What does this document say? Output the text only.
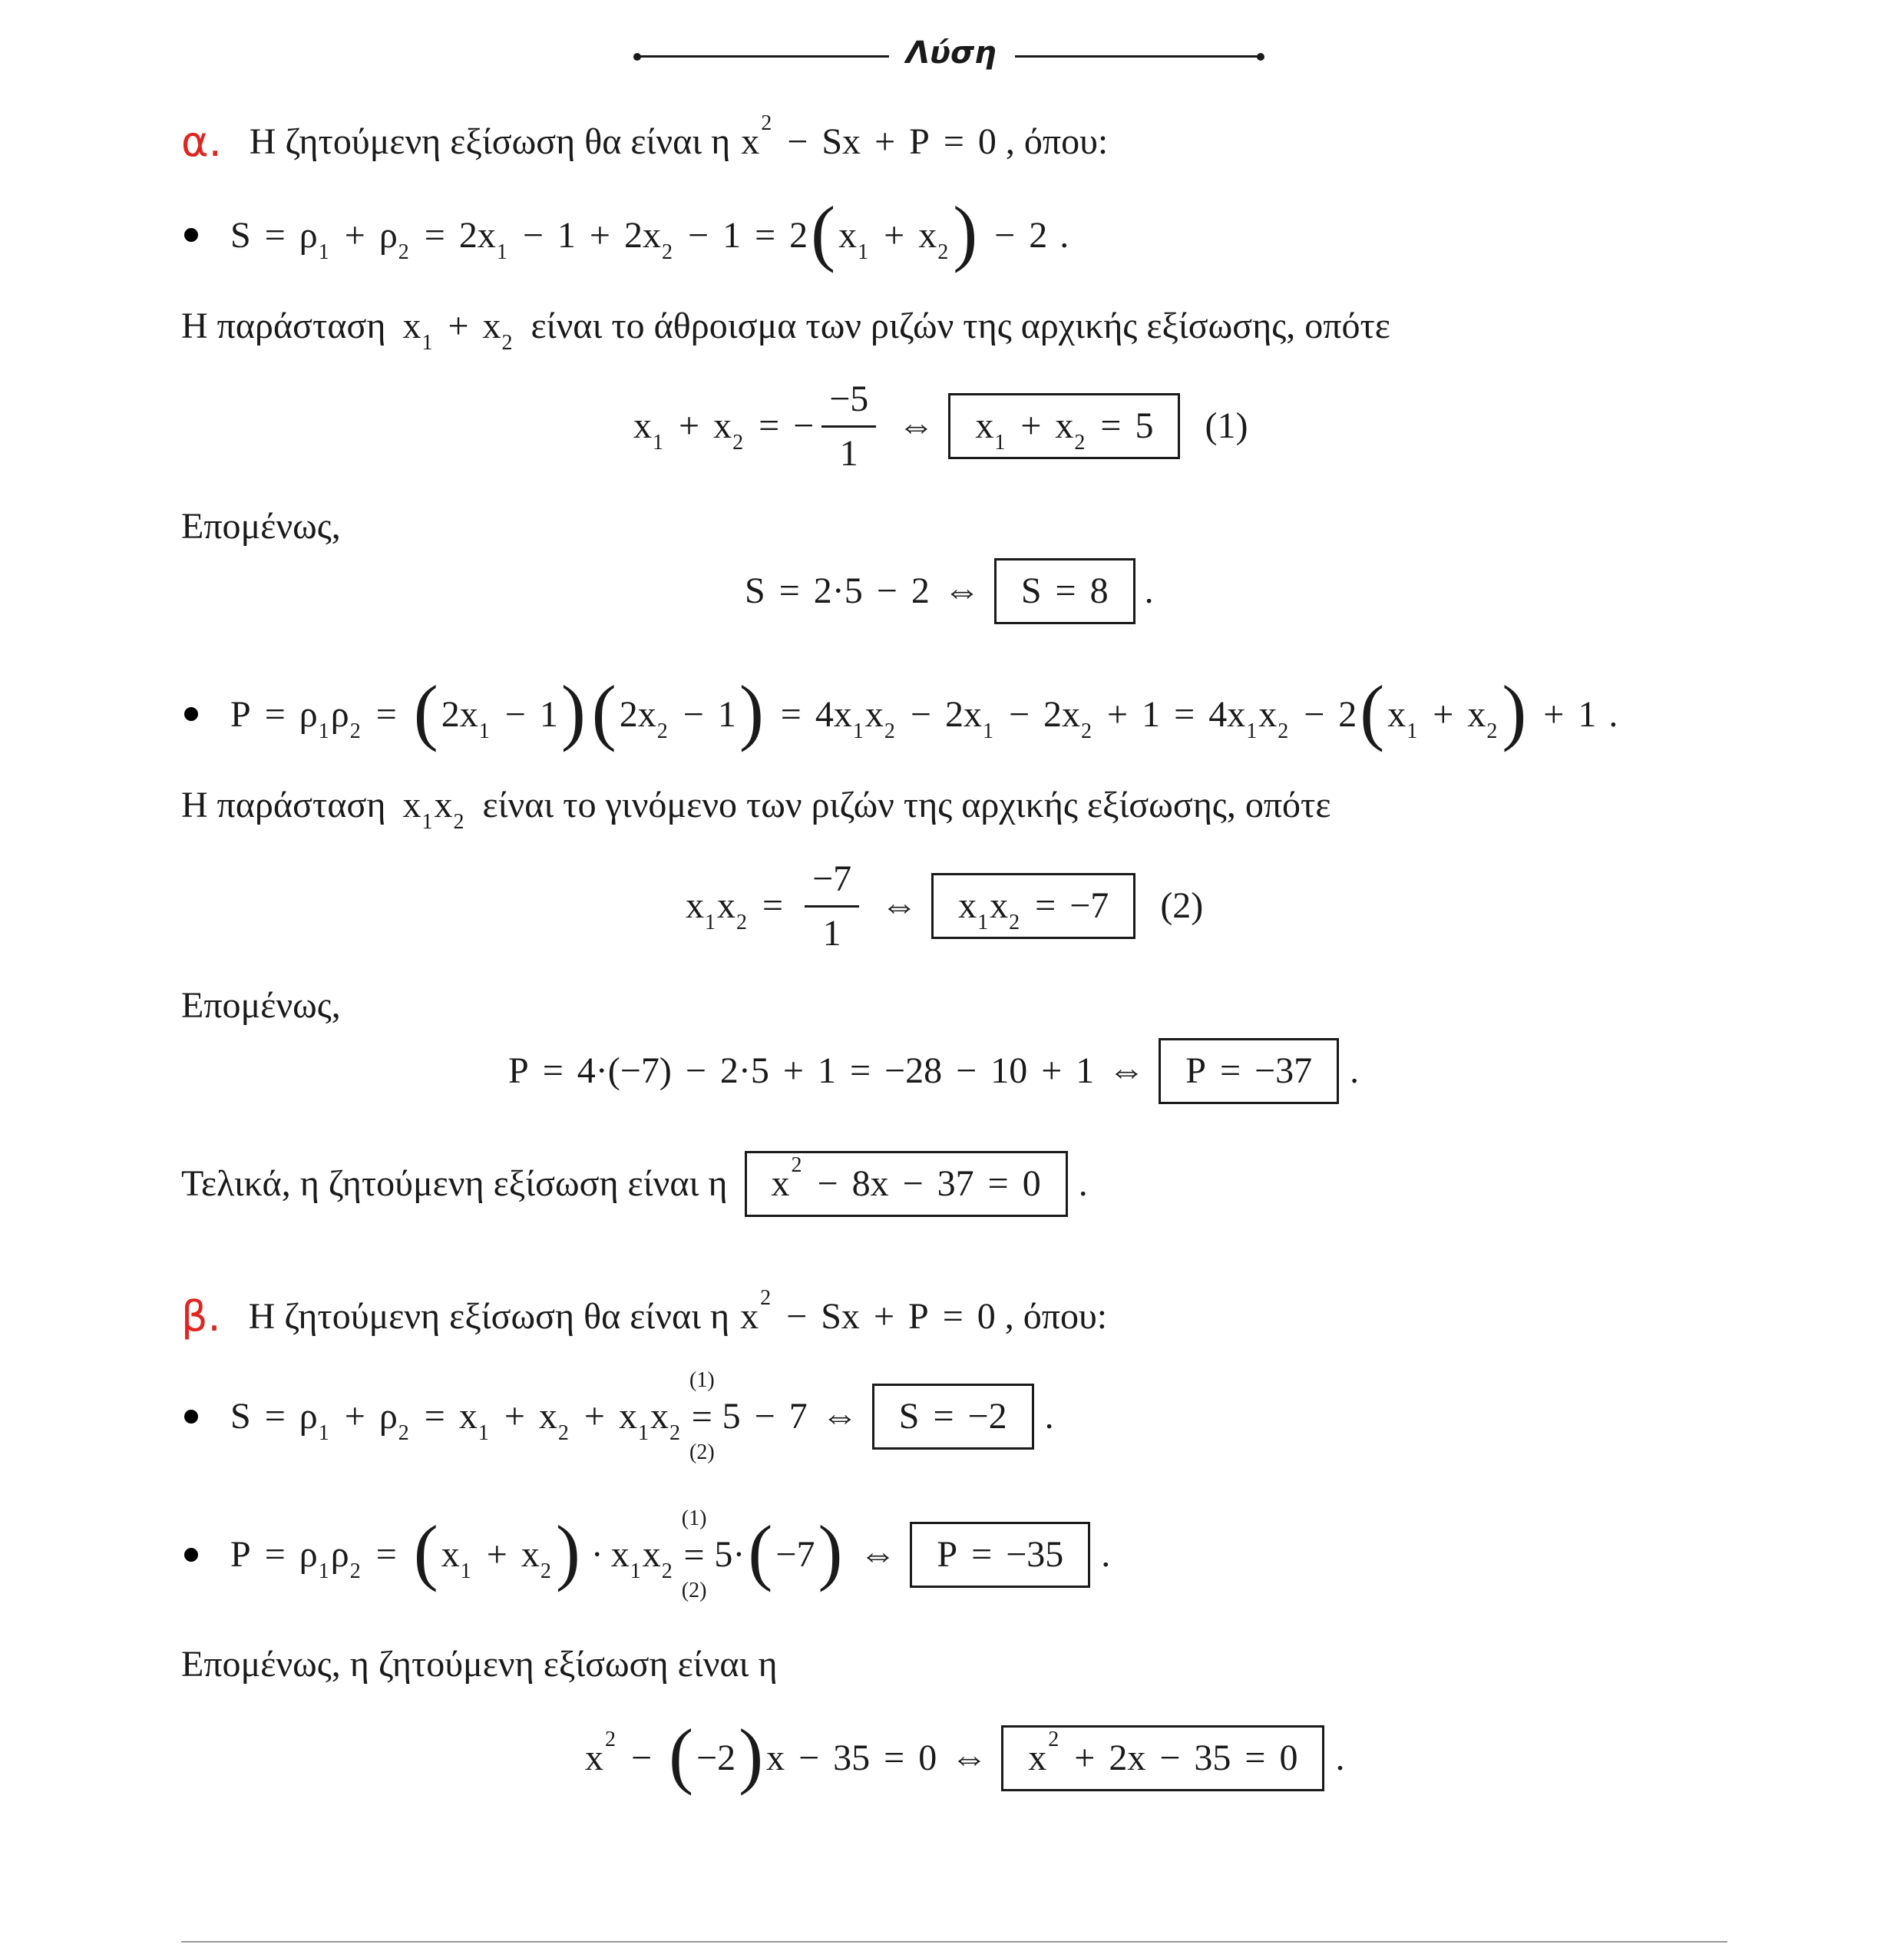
Λύση
α. Η ζητούμενη εξίσωση θα είναι η x 2 − Sx + P = 0 , όπου:
S = ρ 1 + ρ 2 = 2x 1 − 1 + 2x 2 − 1 = 2 ( x 1 + x 2 ) − 2 .
Η παράσταση x 1 + x 2 είναι το άθροισμα των ριζών της αρχικής εξίσωσης, οπότε
x 1 + x 2 = − $\frac{-5}{1}$ ⇔ x 1 + x 2 = 5 (1)
Επομένως,
S = 2·5 − 2 ⇔ S = 8 .
P = ρ 1 ρ 2 = ( 2x 1 − 1 ) ( 2x 2 − 1 ) = 4x 1 x 2 − 2x 1 − 2x 2 + 1 = 4x 1 x 2 − 2 ( x 1 + x 2 ) + 1 .
Η παράσταση x 1 x 2 είναι το γινόμενο των ριζών της αρχικής εξίσωσης, οπότε
x 1 x $2 = \frac{-7}{1}$ ⇔ x 1 x 2 = −7 (2)
Επομένως,
P = 4·(−7) − 2·5 + 1 = −28 − 10 + 1 ⇔ P = −37 .
Τελικά, η ζητούμενη εξίσωση είναι η x 2 − 8x − 37 = 0 .
β. Η ζητούμενη εξίσωση θα είναι η x 2 − Sx + P = 0 , όπου:
S = ρ 1 + ρ 2 = x 1 + x 2 + x 1 x 2
(1)
=
(2)
5 − 7 ⇔ S = −2 .
P = ρ 1 ρ 2 = ( x 1 + x 2 ) · x 1 x 2
(1)
=
(2)
5· ( −7 ) ⇔ P = −35 .
Επομένως, η ζητούμενη εξίσωση είναι η
x 2 − ( −2 ) x − 35 = 0 ⇔ x 2 + 2x − 35 = 0 .
